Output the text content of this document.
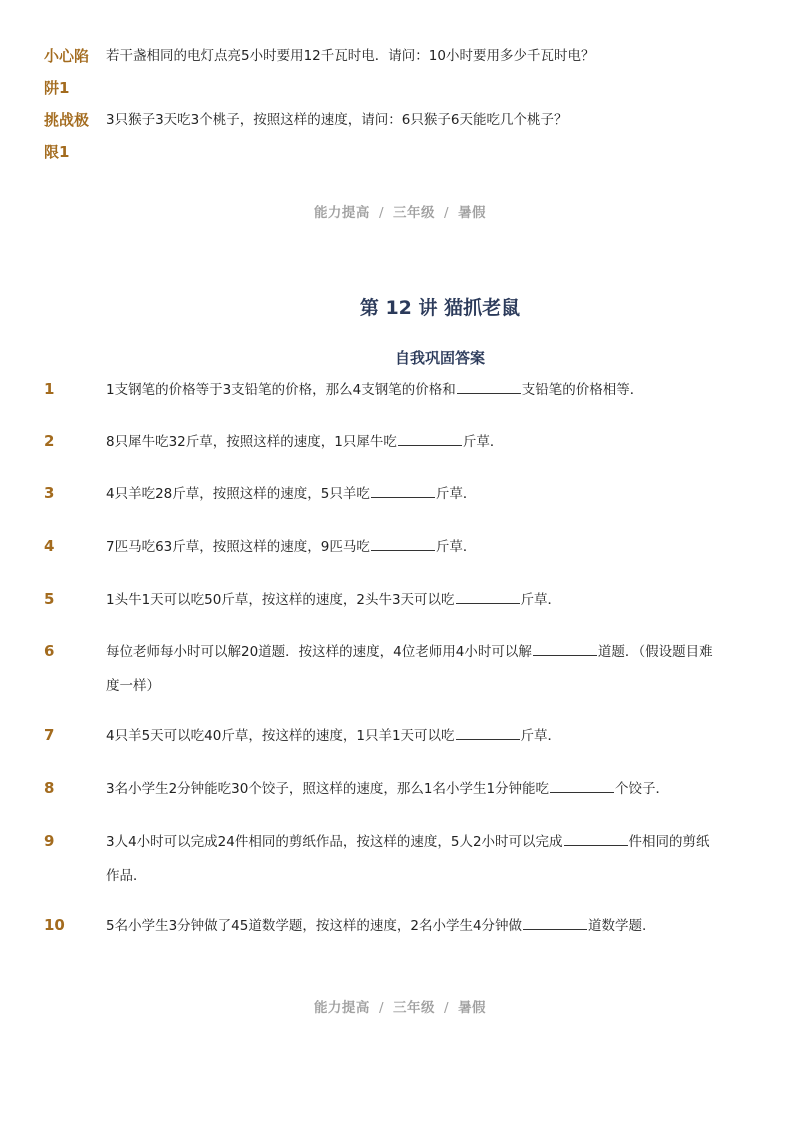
小心陷
阱1
若干盏相同的电灯点亮5小时要用12千瓦时电．请问：10小时要用多少千瓦时电？
挑战极
限1
3只猴子3天吃3个桃子，按照这样的速度，请问：6只猴子6天能吃几个桃子？
能力提高 / 三年级 / 暑假
第 12 讲 猫抓老鼠
自我巩固答案
1	1支钢笔的价格等于3支铅笔的价格，那么4支钢笔的价格和	支铅笔的价格相等．
2	8只犀牛吃32斤草，按照这样的速度，1只犀牛吃	斤草．
3	4只羊吃28斤草，按照这样的速度，5只羊吃	斤草．
4	7匹马吃63斤草，按照这样的速度，9匹马吃	斤草．
5	1头牛1天可以吃50斤草，按这样的速度，2头牛3天可以吃	斤草．
6	每位老师每小时可以解20道题．按这样的速度，4位老师用4小时可以解	道题．（假设题目难度一样）
7	4只羊5天可以吃40斤草，按这样的速度，1只羊1天可以吃	斤草．
8	3名小学生2分钟能吃30个饺子，照这样的速度，那么1名小学生1分钟能吃	个饺子．
9	3人4小时可以完成24件相同的剪纸作品，按这样的速度，5人2小时可以完成	件相同的剪纸作品．
10	5名小学生3分钟做了45道数学题，按这样的速度，2名小学生4分钟做	道数学题.
能力提高 / 三年级 / 暑假
